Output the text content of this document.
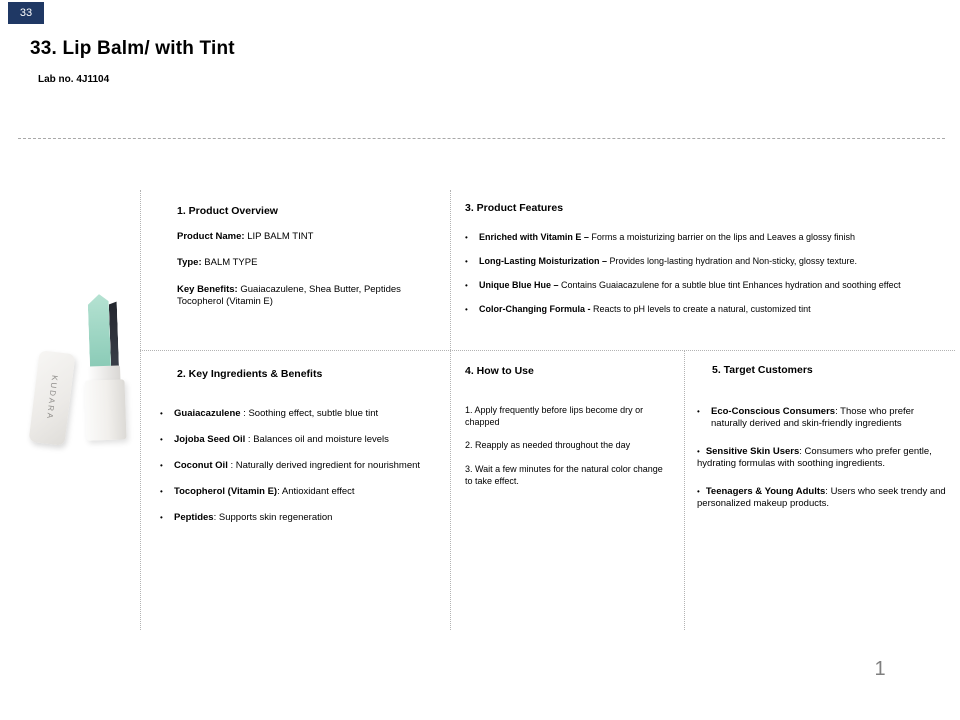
33
33. Lip Balm/ with Tint
Lab no. 4J1104
KUDARA
1. Product Overview
Product Name: LIP BALM TINT
Type: BALM TYPE
Key Benefits: Guaiacazulene, Shea Butter, Peptides Tocopherol (Vitamin E)
2. Key Ingredients & Benefits
•	Guaiacazulene : Soothing effect, subtle blue tint
•	Jojoba Seed Oil : Balances oil and moisture levels
•	Coconut Oil : Naturally derived ingredient for nourishment
•	Tocopherol (Vitamin E): Antioxidant effect
•	Peptides: Supports skin regeneration
3. Product Features
•	Enriched with Vitamin E – Forms a moisturizing barrier on the lips and Leaves a glossy finish
•	Long-Lasting Moisturization – Provides long-lasting hydration and Non-sticky, glossy texture.
•	Unique Blue Hue – Contains Guaiacazulene for a subtle blue tint Enhances hydration and soothing effect
•	Color-Changing Formula - Reacts to pH levels to create a natural, customized tint
4. How to Use
1. Apply frequently before lips become dry or chapped
2. Reapply as needed throughout the day
3. Wait a few minutes for the natural color change to take effect.
5. Target Customers
•	Eco-Conscious Consumers: Those who prefer naturally derived and skin-friendly ingredients
• Sensitive Skin Users: Consumers who prefer gentle, hydrating formulas with soothing ingredients.
• Teenagers & Young Adults: Users who seek trendy and personalized makeup products.
1
